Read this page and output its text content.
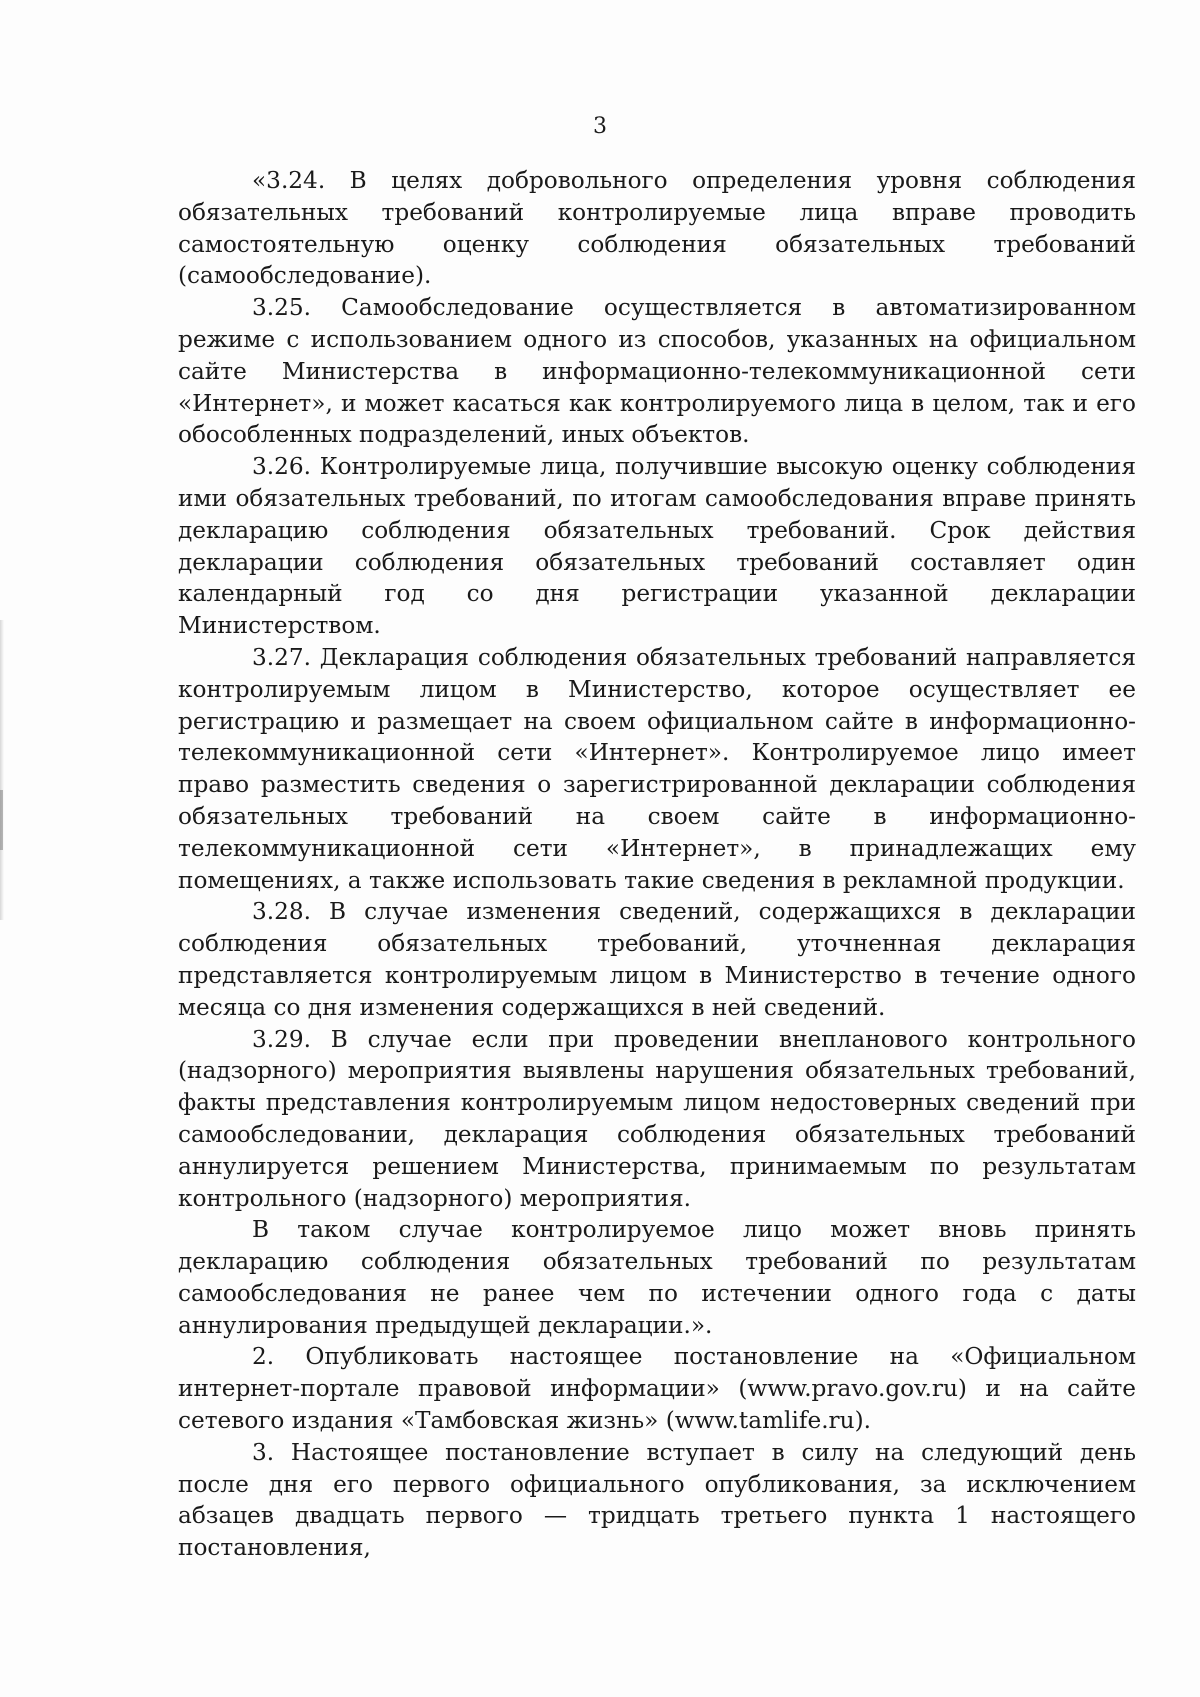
3

«3.24. В целях добровольного определения уровня соблюдения обязательных требований контролируемые лица вправе проводить самостоятельную оценку соблюдения обязательных требований (самообследование).

3.25. Самообследование осуществляется в автоматизированном режиме с использованием одного из способов, указанных на официальном сайте Министерства в информационно-телекоммуникационной сети «Интернет», и может касаться как контролируемого лица в целом, так и его обособленных подразделений, иных объектов.

3.26. Контролируемые лица, получившие высокую оценку соблюдения ими обязательных требований, по итогам самообследования вправе принять декларацию соблюдения обязательных требований. Срок действия декларации соблюдения обязательных требований составляет один календарный год со дня регистрации указанной декларации Министерством.

3.27. Декларация соблюдения обязательных требований направляется контролируемым лицом в Министерство, которое осуществляет ее регистрацию и размещает на своем официальном сайте в информационно-телекоммуникационной сети «Интернет». Контролируемое лицо имеет право разместить сведения о зарегистрированной декларации соблюдения обязательных требований на своем сайте в информационно-телекоммуникационной сети «Интернет», в принадлежащих ему помещениях, а также использовать такие сведения в рекламной продукции.

3.28. В случае изменения сведений, содержащихся в декларации соблюдения обязательных требований, уточненная декларация представляется контролируемым лицом в Министерство в течение одного месяца со дня изменения содержащихся в ней сведений.

3.29. В случае если при проведении внепланового контрольного (надзорного) мероприятия выявлены нарушения обязательных требований, факты представления контролируемым лицом недостоверных сведений при самообследовании, декларация соблюдения обязательных требований аннулируется решением Министерства, принимаемым по результатам контрольного (надзорного) мероприятия.

В таком случае контролируемое лицо может вновь принять декларацию соблюдения обязательных требований по результатам самообследования не ранее чем по истечении одного года с даты аннулирования предыдущей декларации.».

2. Опубликовать настоящее постановление на «Официальном интернет-портале правовой информации» (www.pravo.gov.ru) и на сайте сетевого издания «Тамбовская жизнь» (www.tamlife.ru).

3. Настоящее постановление вступает в силу на следующий день после дня его первого официального опубликования, за исключением абзацев двадцать первого — тридцать третьего пункта 1 настоящего постановления,
